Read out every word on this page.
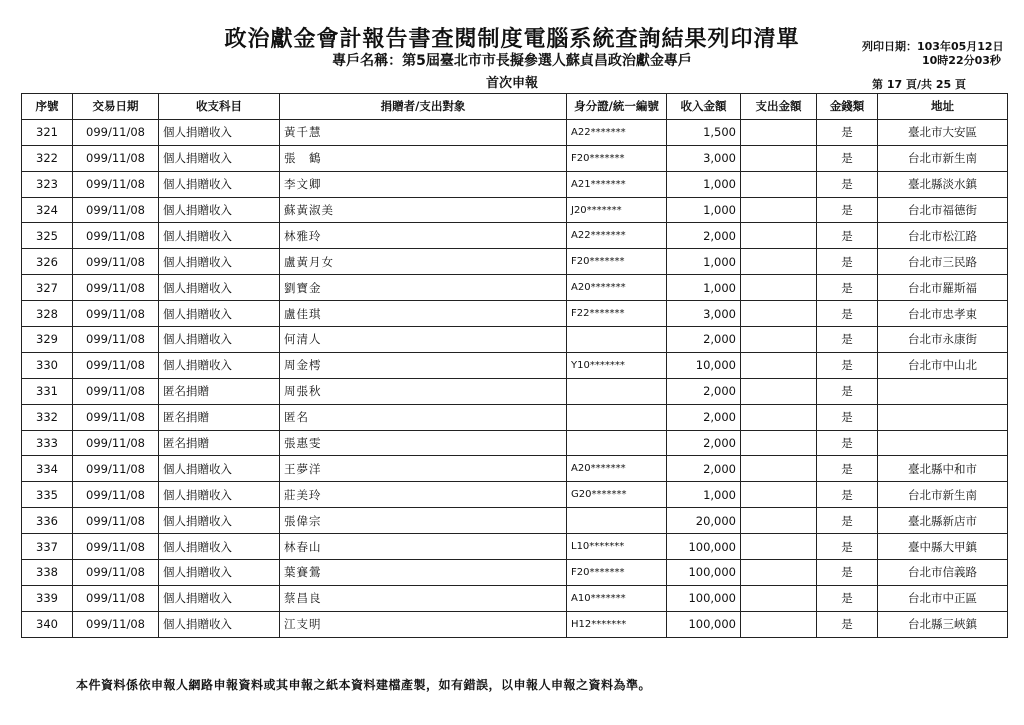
政治獻金會計報告書查閱制度電腦系統查詢結果列印清單
專戶名稱：第5屆臺北市市長擬參選人蘇貞昌政治獻金專戶
首次申報
列印日期：103年05月12日
10時22分03秒
第 17 頁/共 25 頁
序號	交易日期	收支科目	捐贈者/支出對象	身分證/統一編號	收入金額	支出金額	金錢類	地址
321	099/11/08	個人捐贈收入	黃千慧	A22*******	1,500		是	臺北市大安區
322	099/11/08	個人捐贈收入	張　鶴	F20*******	3,000		是	台北市新生南
323	099/11/08	個人捐贈收入	李文卿	A21*******	1,000		是	臺北縣淡水鎮
324	099/11/08	個人捐贈收入	蘇黃淑美	J20*******	1,000		是	台北市福德街
325	099/11/08	個人捐贈收入	林雅玲	A22*******	2,000		是	台北市松江路
326	099/11/08	個人捐贈收入	盧黃月女	F20*******	1,000		是	台北市三民路
327	099/11/08	個人捐贈收入	劉寶金	A20*******	1,000		是	台北市羅斯福
328	099/11/08	個人捐贈收入	盧佳琪	F22*******	3,000		是	台北市忠孝東
329	099/11/08	個人捐贈收入	何清人		2,000		是	台北市永康街
330	099/11/08	個人捐贈收入	周金樗	Y10*******	10,000		是	台北市中山北
331	099/11/08	匿名捐贈	周張秋		2,000		是	
332	099/11/08	匿名捐贈	匿名		2,000		是	
333	099/11/08	匿名捐贈	張惠雯		2,000		是	
334	099/11/08	個人捐贈收入	王夢洋	A20*******	2,000		是	臺北縣中和市
335	099/11/08	個人捐贈收入	莊美玲	G20*******	1,000		是	台北市新生南
336	099/11/08	個人捐贈收入	張偉宗		20,000		是	臺北縣新店市
337	099/11/08	個人捐贈收入	林春山	L10*******	100,000		是	臺中縣大甲鎮
338	099/11/08	個人捐贈收入	葉賽鶯	F20*******	100,000		是	台北市信義路
339	099/11/08	個人捐贈收入	蔡昌良	A10*******	100,000		是	台北市中正區
340	099/11/08	個人捐贈收入	江支明	H12*******	100,000		是	台北縣三峽鎮
本件資料係依申報人網路申報資料或其申報之紙本資料建檔產製，如有錯誤，以申報人申報之資料為準。
